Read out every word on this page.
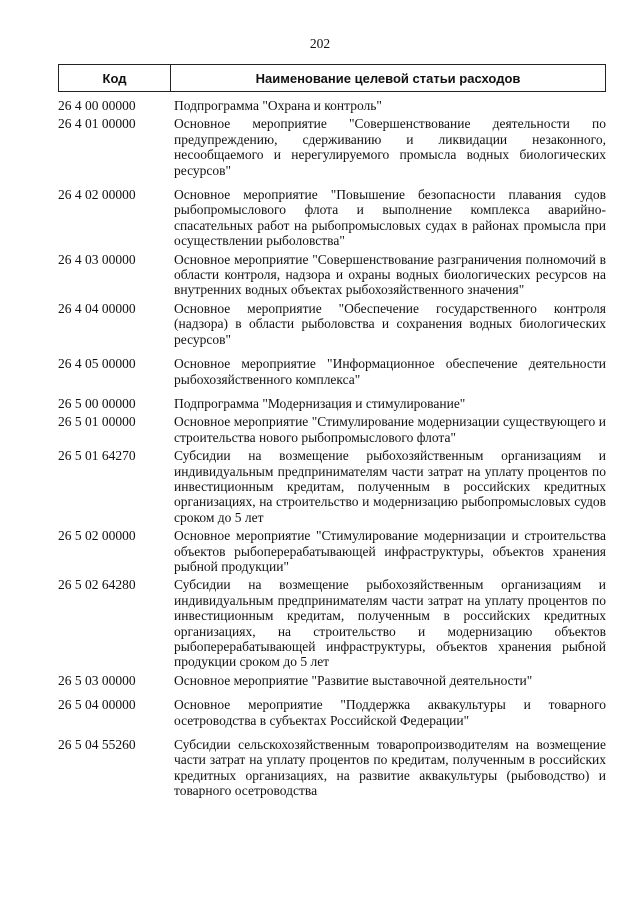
202
Код	Наименование целевой статьи расходов
26 4 00 00000	Подпрограмма "Охрана и контроль"
26 4 01 00000	Основное мероприятие "Совершенствование деятельности по предупреждению, сдерживанию и ликвидации незаконного, несообщаемого и нерегулируемого промысла водных биологических ресурсов"
26 4 02 00000	Основное мероприятие "Повышение безопасности плавания судов рыбопромыслового флота и выполнение комплекса аварийно-спасательных работ на рыбопромысловых судах в районах промысла при осуществлении рыболовства"
26 4 03 00000	Основное мероприятие "Совершенствование разграничения полномочий в области контроля, надзора и охраны водных биологических ресурсов на внутренних водных объектах рыбохозяйственного значения"
26 4 04 00000	Основное мероприятие "Обеспечение государственного контроля (надзора) в области рыболовства и сохранения водных биологических ресурсов"
26 4 05 00000	Основное мероприятие "Информационное обеспечение деятельности рыбохозяйственного комплекса"
26 5 00 00000	Подпрограмма "Модернизация и стимулирование"
26 5 01 00000	Основное мероприятие "Стимулирование модернизации существующего и строительства нового рыбопромыслового флота"
26 5 01 64270	Субсидии на возмещение рыбохозяйственным организациям и индивидуальным предпринимателям части затрат на уплату процентов по инвестиционным кредитам, полученным в российских кредитных организациях, на строительство и модернизацию рыбопромысловых судов сроком до 5 лет
26 5 02 00000	Основное мероприятие "Стимулирование модернизации и строительства объектов рыбоперерабатывающей инфраструктуры, объектов хранения рыбной продукции"
26 5 02 64280	Субсидии на возмещение рыбохозяйственным организациям и индивидуальным предпринимателям части затрат на уплату процентов по инвестиционным кредитам, полученным в российских кредитных организациях, на строительство и модернизацию объектов рыбоперерабатывающей инфраструктуры, объектов хранения рыбной продукции сроком до 5 лет
26 5 03 00000	Основное мероприятие "Развитие выставочной деятельности"
26 5 04 00000	Основное мероприятие "Поддержка аквакультуры и товарного осетроводства в субъектах Российской Федерации"
26 5 04 55260	Субсидии сельскохозяйственным товаропроизводителям на возмещение части затрат на уплату процентов по кредитам, полученным в российских кредитных организациях, на развитие аквакультуры (рыбоводство) и товарного осетроводства
